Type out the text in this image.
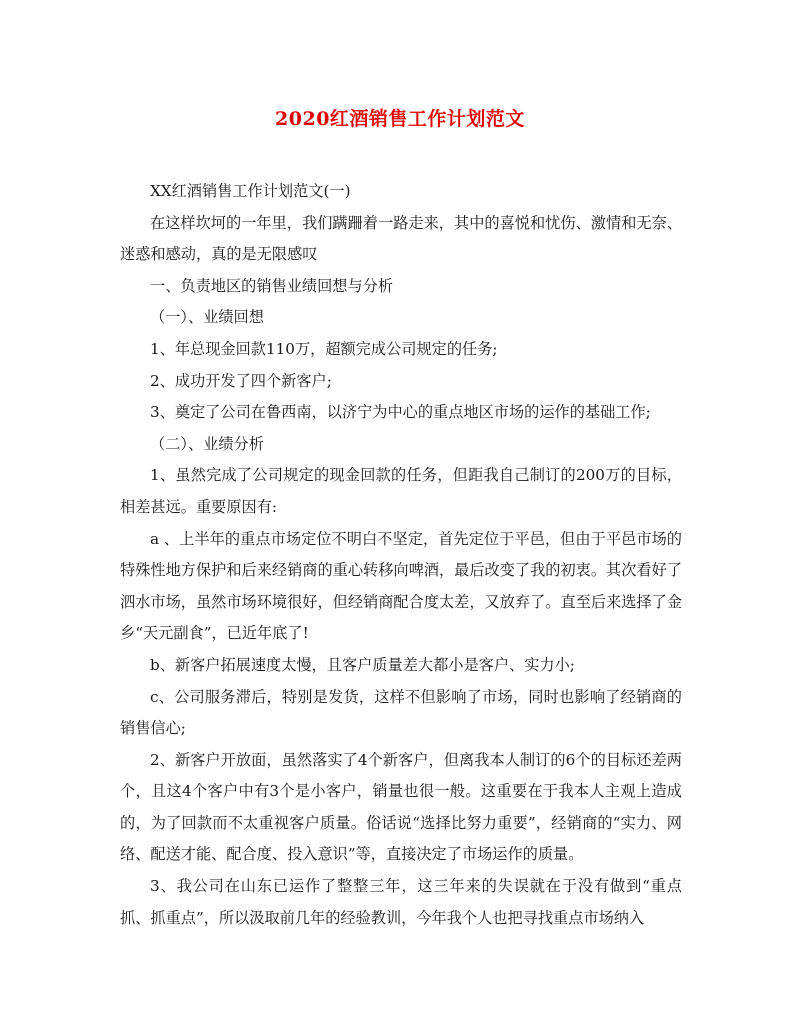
2020红酒销售工作计划范文

XX红酒销售工作计划范文(一)

在这样坎坷的一年里，我们蹒跚着一路走来，其中的喜悦和忧伤、激情和无奈、迷惑和感动，真的是无限感叹

一、负责地区的销售业绩回想与分析

（一）、业绩回想

1、年总现金回款110万，超额完成公司规定的任务;

2、成功开发了四个新客户;

3、奠定了公司在鲁西南，以济宁为中心的重点地区市场的运作的基础工作;

（二）、业绩分析

1、虽然完成了公司规定的现金回款的任务，但距我自己制订的200万的目标，相差甚远。重要原因有:

a 、上半年的重点市场定位不明白不坚定，首先定位于平邑，但由于平邑市场的特殊性地方保护和后来经销商的重心转移向啤酒，最后改变了我的初衷。其次看好了泗水市场，虽然市场环境很好，但经销商配合度太差，又放弃了。直至后来选择了金乡“天元副食”，已近年底了!

b、新客户拓展速度太慢，且客户质量差大都小是客户、实力小;

c、公司服务滞后，特别是发货，这样不但影响了市场，同时也影响了经销商的销售信心;

2、新客户开放面，虽然落实了4个新客户，但离我本人制订的6个的目标还差两个，且这4个客户中有3个是小客户，销量也很一般。这重要在于我本人主观上造成的，为了回款而不太重视客户质量。俗话说“选择比努力重要”，经销商的“实力、网络、配送才能、配合度、投入意识”等，直接决定了市场运作的质量。

3、我公司在山东已运作了整整三年，这三年来的失误就在于没有做到“重点抓、抓重点”，所以汲取前几年的经验教训，今年我个人也把寻找重点市场纳入
